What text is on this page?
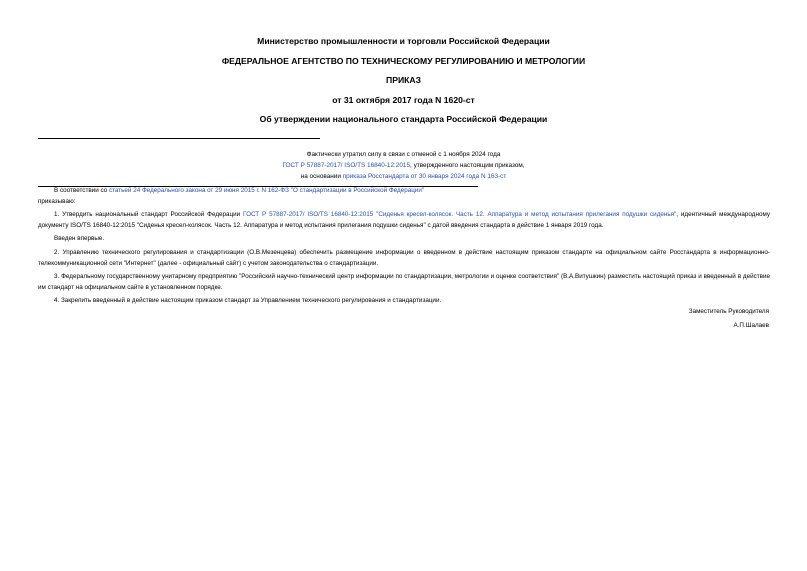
Министерство промышленности и торговли Российской Федерации
ФЕДЕРАЛЬНОЕ АГЕНТСТВО ПО ТЕХНИЧЕСКОМУ РЕГУЛИРОВАНИЮ И МЕТРОЛОГИИ
ПРИКАЗ
от 31 октября 2017 года N 1620-ст
Об утверждении национального стандарта Российской Федерации
Фактически утратил силу в связи с отменой с 1 ноября 2024 года
ГОСТ Р 57887-2017/ ISO/TS 16840-12:2015, утвержденного настоящим приказом,
на основании приказа Росстандарта от 30 января 2024 года N 163-ст

В соответствии со статьей 24 Федерального закона от 29 июня 2015 г. N 162-ФЗ "О стандартизации в Российской Федерации"

приказываю:

1. Утвердить национальный стандарт Российской Федерации ГОСТ Р 57887-2017/ ISO/TS 16840-12:2015 "Сиденья кресел-колясок. Часть 12. Аппаратура и метод испытания прилегания подушки сиденья", идентичный международному документу ISO/TS 16840-12:2015 "Сиденья кресел-колясок. Часть 12. Аппаратура и метод испытания прилегания подушки сиденья" с датой введения стандарта в действие 1 января 2019 года.

Введен впервые.

2. Управлению технического регулирования и стандартизации (О.В.Мезенцева) обеспечить размещение информации о введенном в действие настоящим приказом стандарте на официальном сайте Росстандарта в информационно-телекоммуникационной сети "Интернет" (далее - официальный сайт) с учетом законодательства о стандартизации.

3. Федеральному государственному унитарному предприятию "Российский научно-технический центр информации по стандартизации, метрологии и оценке соответствия" (В.А.Витушкин) разместить настоящий приказ и введенный в действие им стандарт на официальном сайте в установленном порядке.

4. Закрепить введенный в действие настоящим приказом стандарт за Управлением технического регулирования и стандартизации.

Заместитель Руководителя
А.П.Шалаев
